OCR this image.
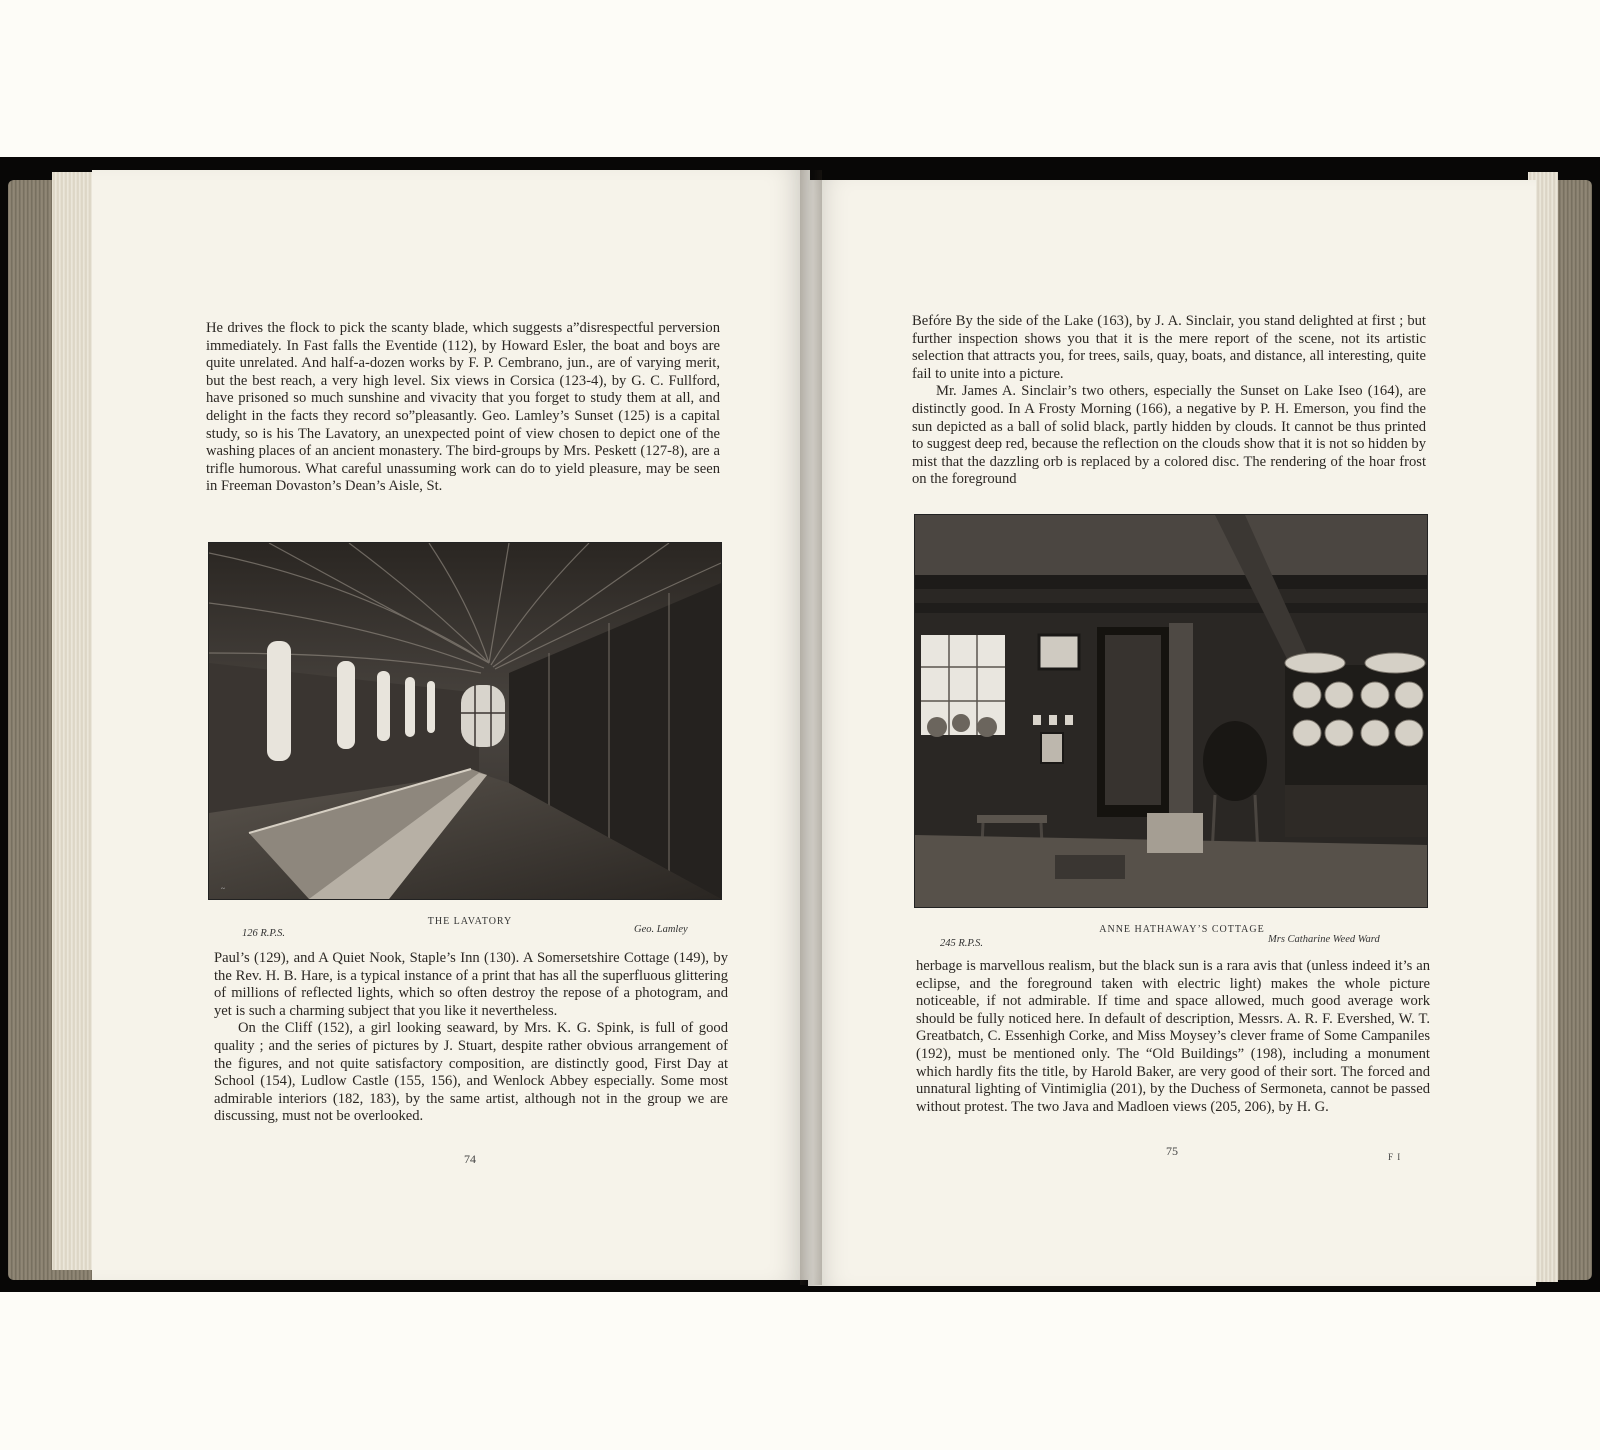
He drives the flock to pick the scanty blade, which suggests a”disrespectful perversion immediately. In Fast falls the Eventide (112), by Howard Esler, the boat and boys are quite unrelated. And half-a-dozen works by F. P. Cembrano, jun., are of varying merit, but the best reach, a very high level. Six views in Corsica (123-4), by G. C. Fullford, have prisoned so much sunshine and vivacity that you forget to study them at all, and delight in the facts they record so”pleasantly. Geo. Lamley’s Sunset (125) is a capital study, so is his The Lavatory, an unexpected point of view chosen to depict one of the washing places of an ancient monastery. The bird-groups by Mrs. Peskett (127-8), are a trifle humorous. What careful unassuming work can do to yield pleasure, may be seen in Freeman Dovaston’s Dean’s Aisle, St.

~
THE LAVATORY
126 R.P.S.	Geo. Lamley

Paul’s (129), and A Quiet Nook, Staple’s Inn (130). A Somersetshire Cottage (149), by the Rev. H. B. Hare, is a typical instance of a print that has all the superfluous glittering of millions of reflected lights, which so often destroy the repose of a photogram, and yet is such a charming subject that you like it nevertheless.

On the Cliff (152), a girl looking seaward, by Mrs. K. G. Spink, is full of good quality ; and the series of pictures by J. Stuart, despite rather obvious arrangement of the figures, and not quite satisfactory composition, are distinctly good, First Day at School (154), Ludlow Castle (155, 156), and Wenlock Abbey especially. Some most admirable interiors (182, 183), by the same artist, although not in the group we are discussing, must not be overlooked.

74

Befóre By the side of the Lake (163), by J. A. Sinclair, you stand delighted at first ; but further inspection shows you that it is the mere report of the scene, not its artistic selection that attracts you, for trees, sails, quay, boats, and distance, all interesting, quite fail to unite into a picture.

Mr. James A. Sinclair’s two others, especially the Sunset on Lake Iseo (164), are distinctly good. In A Frosty Morning (166), a negative by P. H. Emerson, you find the sun depicted as a ball of solid black, partly hidden by clouds. It cannot be thus printed to suggest deep red, because the reflection on the clouds show that it is not so hidden by mist that the dazzling orb is replaced by a colored disc. The rendering of the hoar frost on the foreground

ANNE HATHAWAY’S COTTAGE
245 R.P.S.	Mrs Catharine Weed Ward

herbage is marvellous realism, but the black sun is a rara avis that (unless indeed it’s an eclipse, and the foreground taken with electric light) makes the whole picture noticeable, if not admirable. If time and space allowed, much good average work should be fully noticed here. In default of description, Messrs. A. R. F. Evershed, W. T. Greatbatch, C. Essenhigh Corke, and Miss Moysey’s clever frame of Some Campaniles (192), must be mentioned only. The “Old Buildings” (198), including a monument which hardly fits the title, by Harold Baker, are very good of their sort. The forced and unnatural lighting of Vintimiglia (201), by the Duchess of Sermoneta, cannot be passed without protest. The two Java and Madloen views (205, 206), by H. G.

75	F I
